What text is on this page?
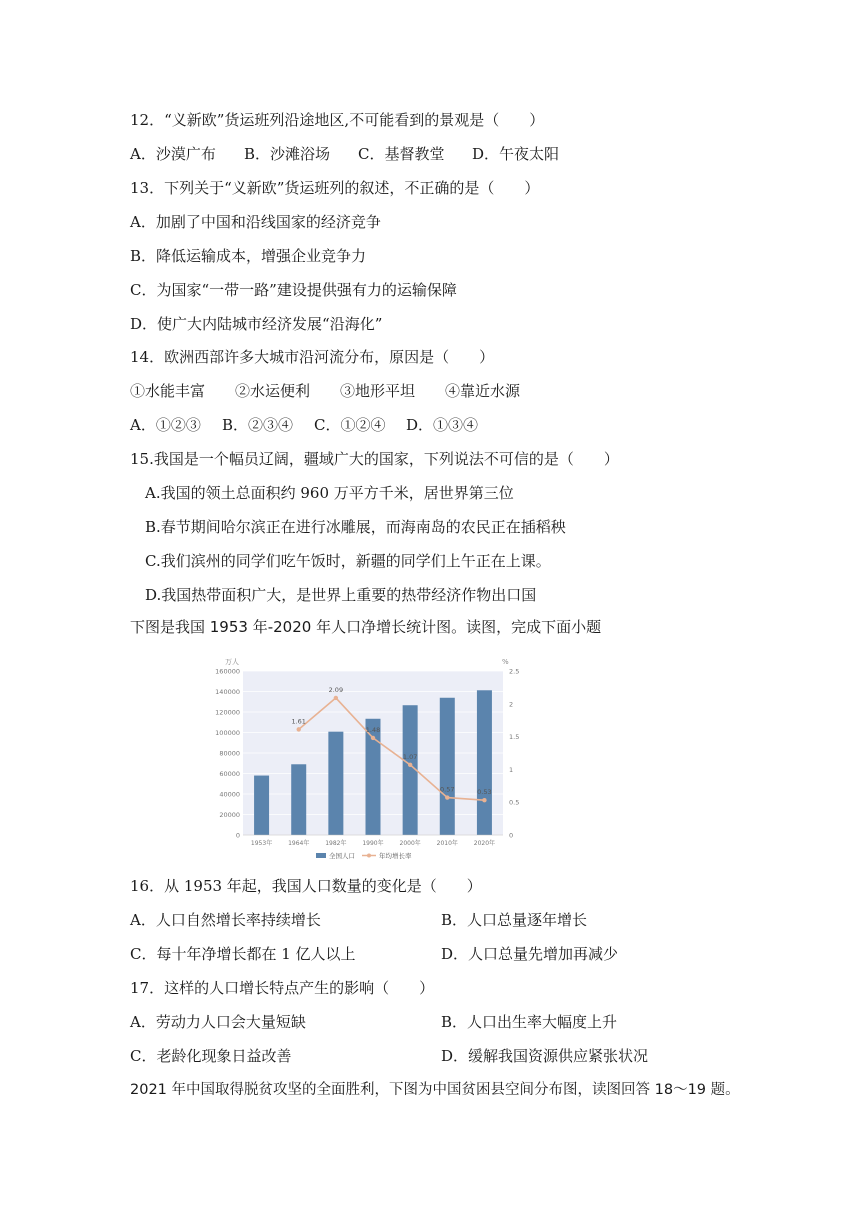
12．“义新欧”货运班列沿途地区,不可能看到的景观是（　　）
A．沙漠广布 B．沙滩浴场 C．基督教堂 D．午夜太阳
13．下列关于“义新欧”货运班列的叙述，不正确的是（　　）
A．加剧了中国和沿线国家的经济竞争
B．降低运输成本，增强企业竞争力
C．为国家“一带一路”建设提供强有力的运输保障
D．使广大内陆城市经济发展“沿海化”
14．欧洲西部许多大城市沿河流分布，原因是（　　）
①水能丰富　　②水运便利　　③地形平坦　　④靠近水源
A．①②③ B．②③④ C．①②④ D．①③④
15.我国是一个幅员辽阔，疆域广大的国家，下列说法不可信的是（　　）
A.我国的领土总面积约 960 万平方千米，居世界第三位
B.春节期间哈尔滨正在进行冰雕展，而海南岛的农民正在插稻秧
C.我们滨州的同学们吃午饭时，新疆的同学们上午正在上课。
D.我国热带面积广大，是世界上重要的热带经济作物出口国
下图是我国 1953 年-2020 年人口净增长统计图。读图，完成下面小题
1.61
2.09
1.48
1.07
0.57	0.53
0
20000
40000
60000
80000
100000
120000
140000
160000
0
0.5
1
1.5
2
2.5
1953年	1964年	1982年	1990年	2000年	2010年	2020年
万人	%
全国人口	年均增长率
16．从 1953 年起，我国人口数量的变化是（　　）
A．人口自然增长率持续增长	B．人口总量逐年增长
C．每十年净增长都在 1 亿人以上	D．人口总量先增加再减少
17．这样的人口增长特点产生的影响（　　）
A．劳动力人口会大量短缺	B．人口出生率大幅度上升
C．老龄化现象日益改善	D．缓解我国资源供应紧张状况
2021 年中国取得脱贫攻坚的全面胜利，下图为中国贫困县空间分布图，读图回答 18～19 题。
